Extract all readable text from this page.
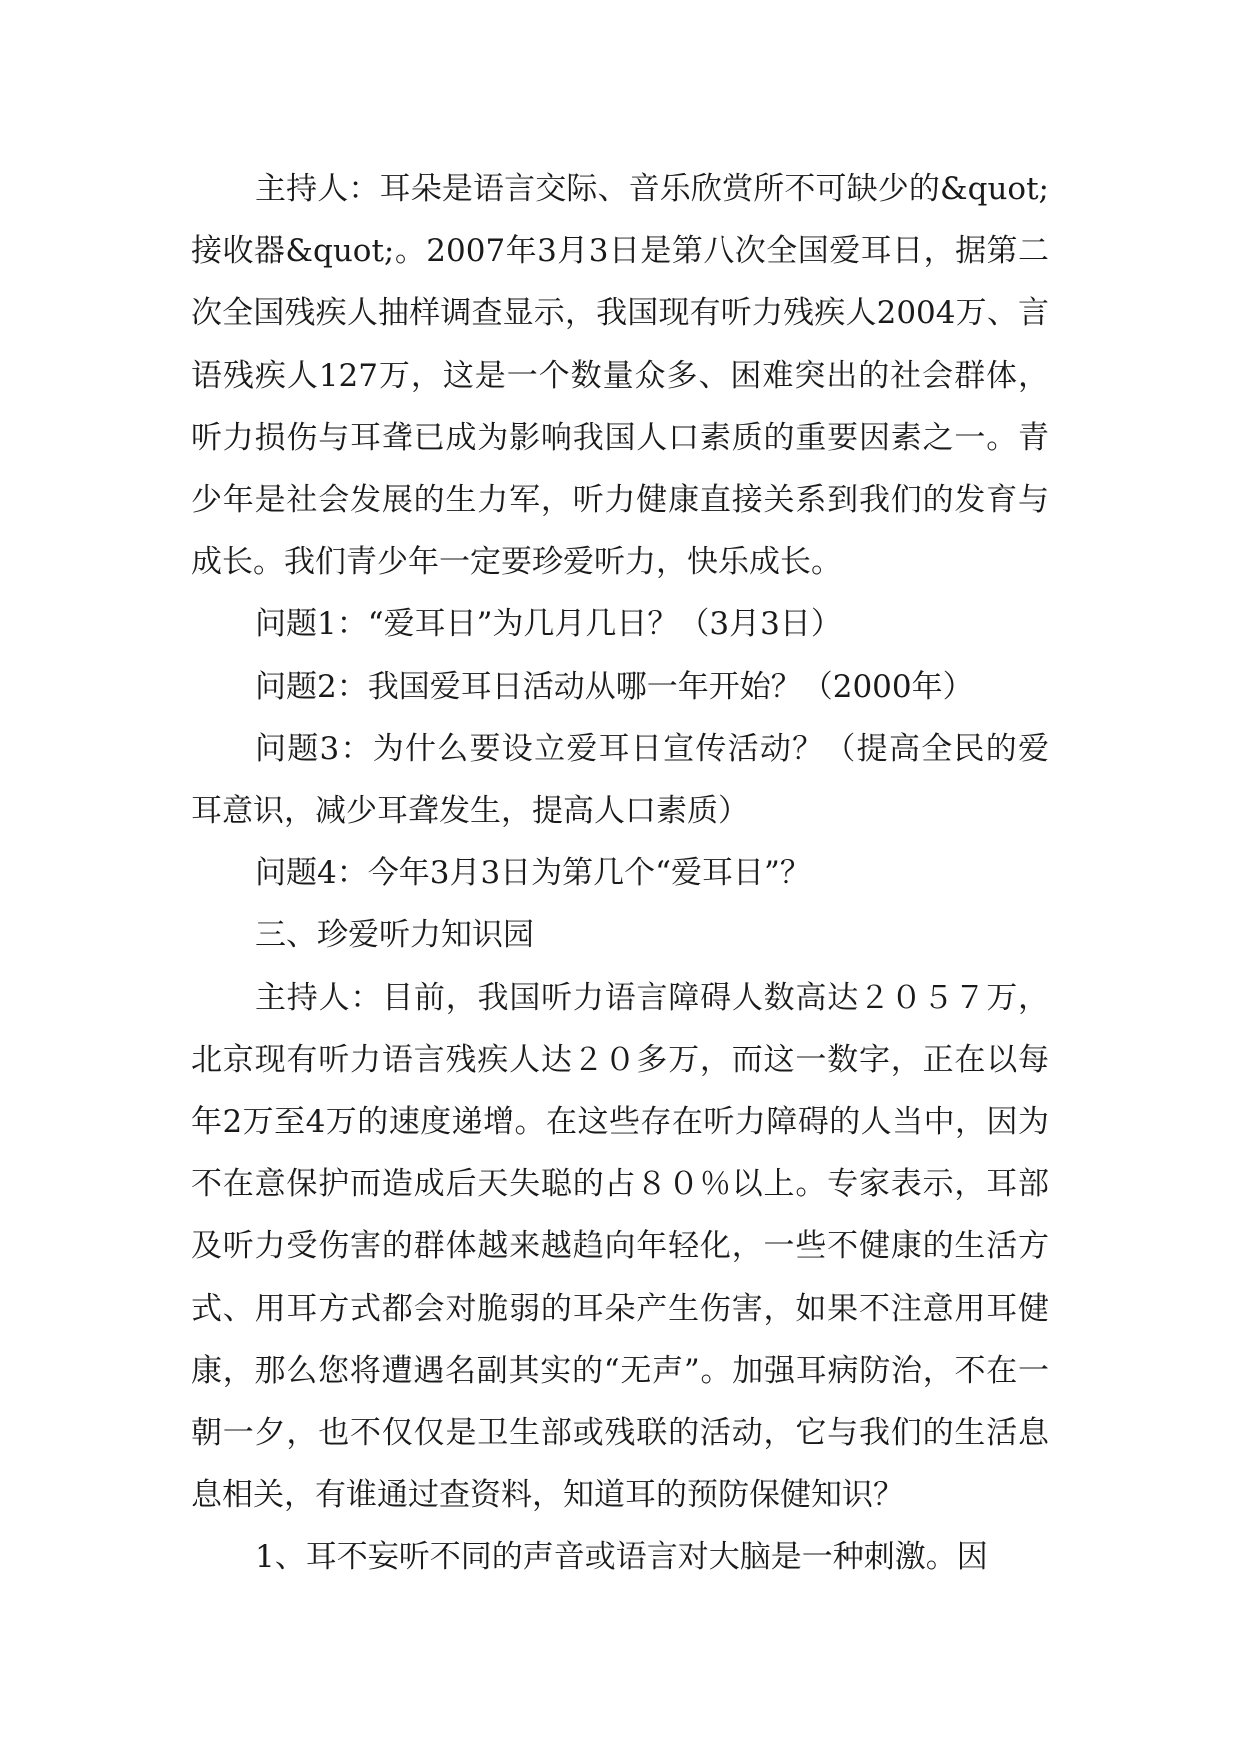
主持人：耳朵是语言交际、音乐欣赏所不可缺少的&quot;接收器&quot;。2007年3月3日是第八次全国爱耳日，据第二次全国残疾人抽样调查显示，我国现有听力残疾人2004万、言语残疾人127万，这是一个数量众多、困难突出的社会群体，听力损伤与耳聋已成为影响我国人口素质的重要因素之一。青少年是社会发展的生力军，听力健康直接关系到我们的发育与成长。我们青少年一定要珍爱听力，快乐成长。

问题1：“爱耳日”为几月几日？（3月3日）

问题2：我国爱耳日活动从哪一年开始？（2000年）

问题3：为什么要设立爱耳日宣传活动？（提高全民的爱耳意识，减少耳聋发生，提高人口素质）

问题4：今年3月3日为第几个“爱耳日”？

三、珍爱听力知识园

主持人：目前，我国听力语言障碍人数高达２０５７万，北京现有听力语言残疾人达２０多万，而这一数字，正在以每年2万至4万的速度递增。在这些存在听力障碍的人当中，因为不在意保护而造成后天失聪的占８０％以上。专家表示，耳部及听力受伤害的群体越来越趋向年轻化，一些不健康的生活方式、用耳方式都会对脆弱的耳朵产生伤害，如果不注意用耳健康，那么您将遭遇名副其实的“无声”。加强耳病防治，不在一朝一夕，也不仅仅是卫生部或残联的活动，它与我们的生活息息相关，有谁通过查资料，知道耳的预防保健知识？

1、耳不妄听不同的声音或语言对大脑是一种刺激。因
